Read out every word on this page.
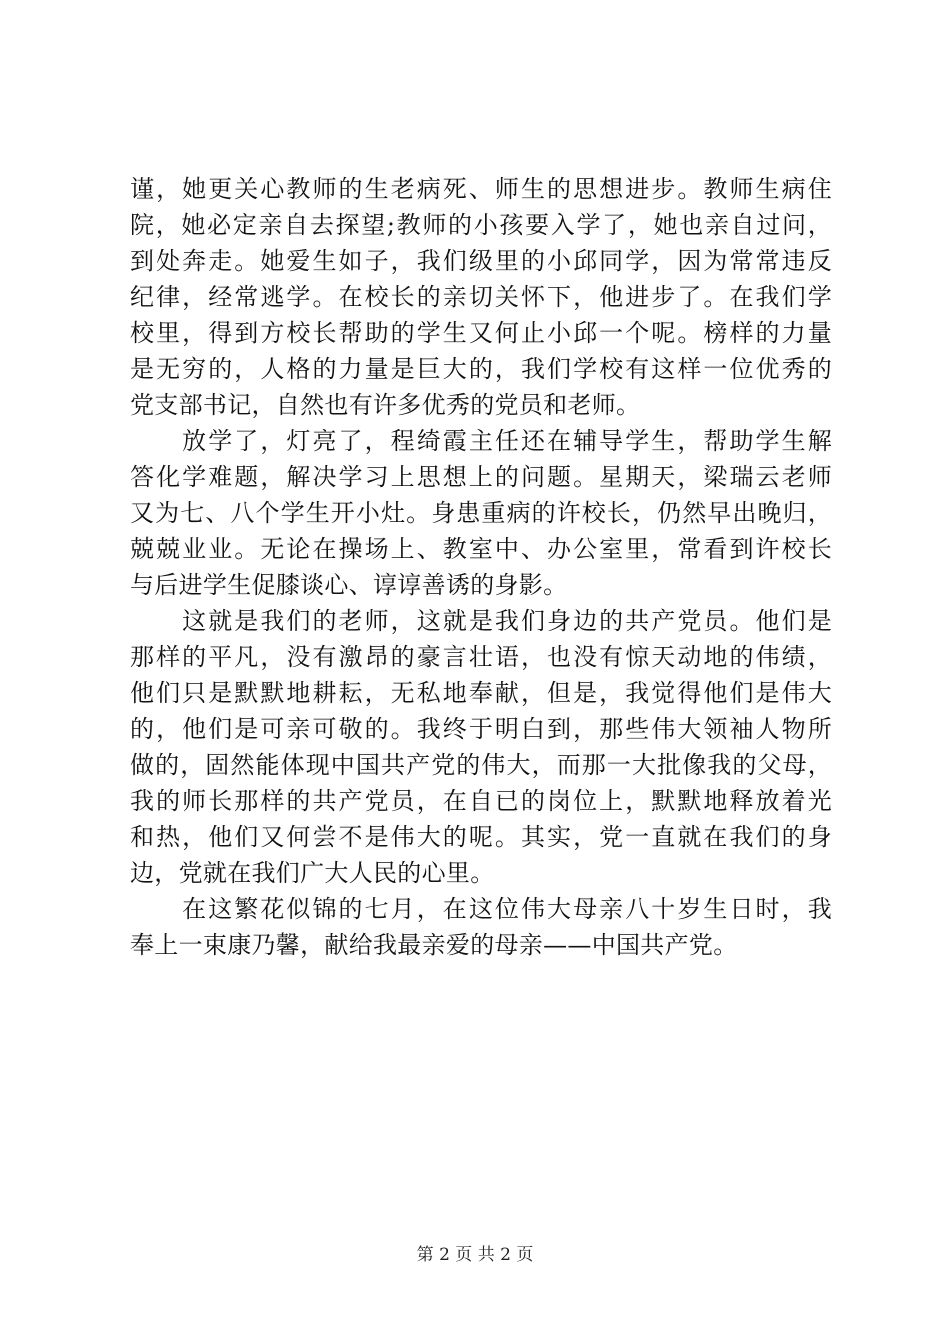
谨，她更关心教师的生老病死、师生的思想进步。教师生病住
院，她必定亲自去探望;教师的小孩要入学了，她也亲自过问，
到处奔走。她爱生如子，我们级里的小邱同学，因为常常违反
纪律，经常逃学。在校长的亲切关怀下，他进步了。在我们学
校里，得到方校长帮助的学生又何止小邱一个呢。榜样的力量
是无穷的，人格的力量是巨大的，我们学校有这样一位优秀的
党支部书记，自然也有许多优秀的党员和老师。
　　放学了，灯亮了，程绮霞主任还在辅导学生，帮助学生解
答化学难题，解决学习上思想上的问题。星期天，梁瑞云老师
又为七、八个学生开小灶。身患重病的许校长，仍然早出晚归，
兢兢业业。无论在操场上、教室中、办公室里，常看到许校长
与后进学生促膝谈心、谆谆善诱的身影。
　　这就是我们的老师，这就是我们身边的共产党员。他们是
那样的平凡，没有激昂的豪言壮语，也没有惊天动地的伟绩，
他们只是默默地耕耘，无私地奉献，但是，我觉得他们是伟大
的，他们是可亲可敬的。我终于明白到，那些伟大领袖人物所
做的，固然能体现中国共产党的伟大，而那一大批像我的父母，
我的师长那样的共产党员，在自已的岗位上，默默地释放着光
和热，他们又何尝不是伟大的呢。其实，党一直就在我们的身
边，党就在我们广大人民的心里。
　　在这繁花似锦的七月，在这位伟大母亲八十岁生日时，我
奉上一束康乃馨，献给我最亲爱的母亲——中国共产党。
第 2 页 共 2 页
